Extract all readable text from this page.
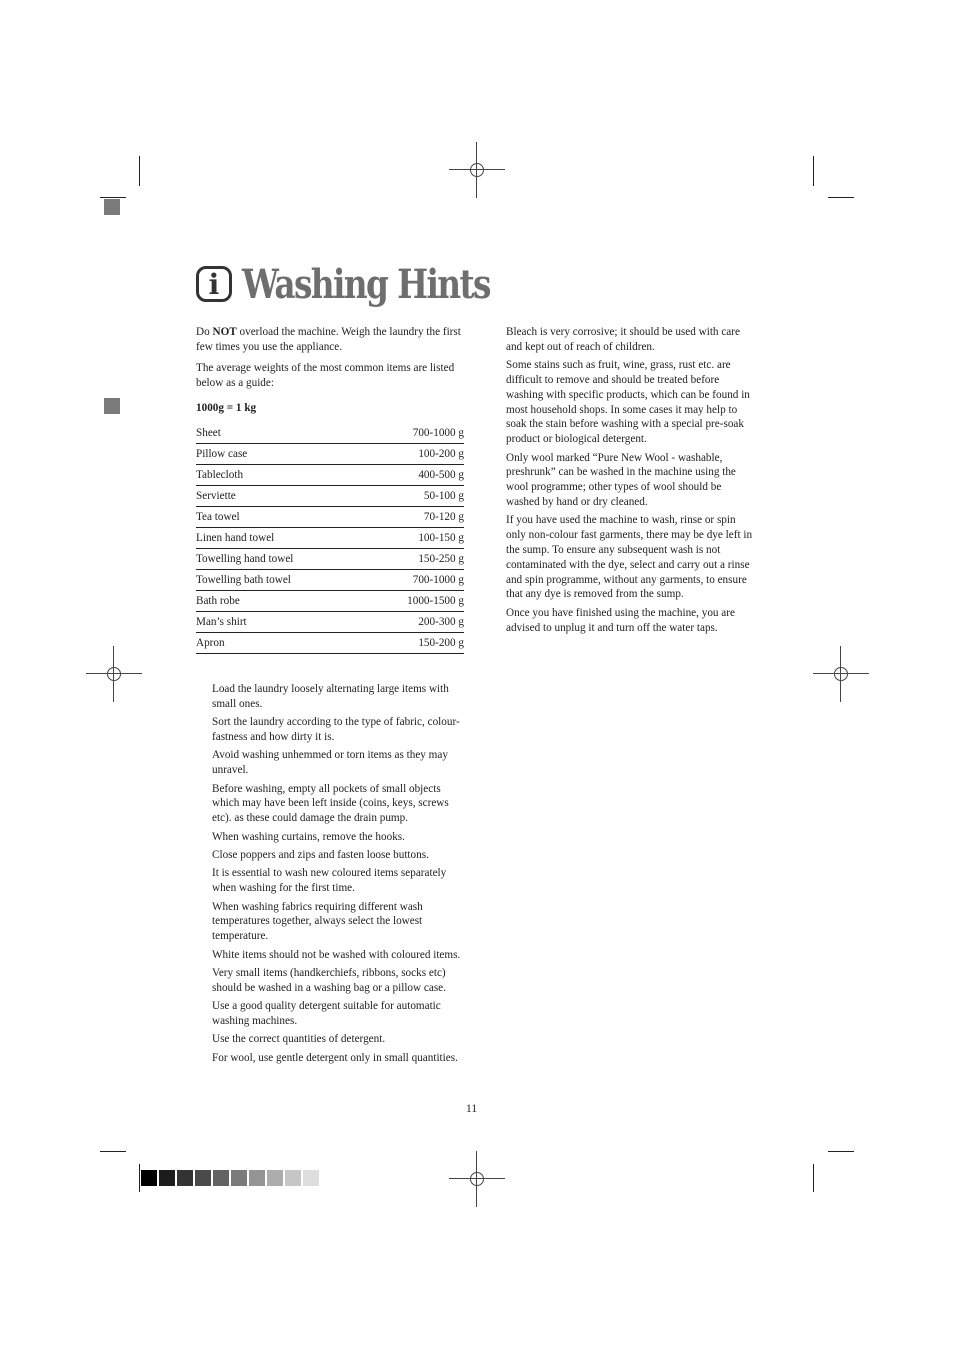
i Washing Hints

Do NOT overload the machine. Weigh the laundry the first few times you use the appliance.

The average weights of the most common items are listed below as a guide:

1000g = 1 kg
Sheet	700-1000 g
Pillow case	100-200 g
Tablecloth	400-500 g
Serviette	50-100 g
Tea towel	70-120 g
Linen hand towel	100-150 g
Towelling hand towel	150-250 g
Towelling bath towel	700-1000 g
Bath robe	1000-1500 g
Man’s shirt	200-300 g
Apron	150-200 g
Load the laundry loosely alternating large items with small ones.
Sort the laundry according to the type of fabric, colour-fastness and how dirty it is.
Avoid washing unhemmed or torn items as they may unravel.
Before washing, empty all pockets of small objects which may have been left inside (coins, keys, screws etc). as these could damage the drain pump.
When washing curtains, remove the hooks.
Close poppers and zips and fasten loose buttons.
It is essential to wash new coloured items separately when washing for the first time.
When washing fabrics requiring different wash temperatures together, always select the lowest temperature.
White items should not be washed with coloured items.
Very small items (handkerchiefs, ribbons, socks etc) should be washed in a washing bag or a pillow case.
Use a good quality detergent suitable for automatic washing machines.
Use the correct quantities of detergent.
For wool, use gentle detergent only in small quantities.

Bleach is very corrosive; it should be used with care and kept out of reach of children.

Some stains such as fruit, wine, grass, rust etc. are difficult to remove and should be treated before washing with specific products, which can be found in most household shops. In some cases it may help to soak the stain before washing with a special pre-soak product or biological detergent.

Only wool marked “Pure New Wool - washable, preshrunk” can be washed in the machine using the wool programme; other types of wool should be washed by hand or dry cleaned.

If you have used the machine to wash, rinse or spin only non-colour fast garments, there may be dye left in the sump. To ensure any subsequent wash is not contaminated with the dye, select and carry out a rinse and spin programme, without any garments, to ensure that any dye is removed from the sump.

Once you have finished using the machine, you are advised to unplug it and turn off the water taps.

11
